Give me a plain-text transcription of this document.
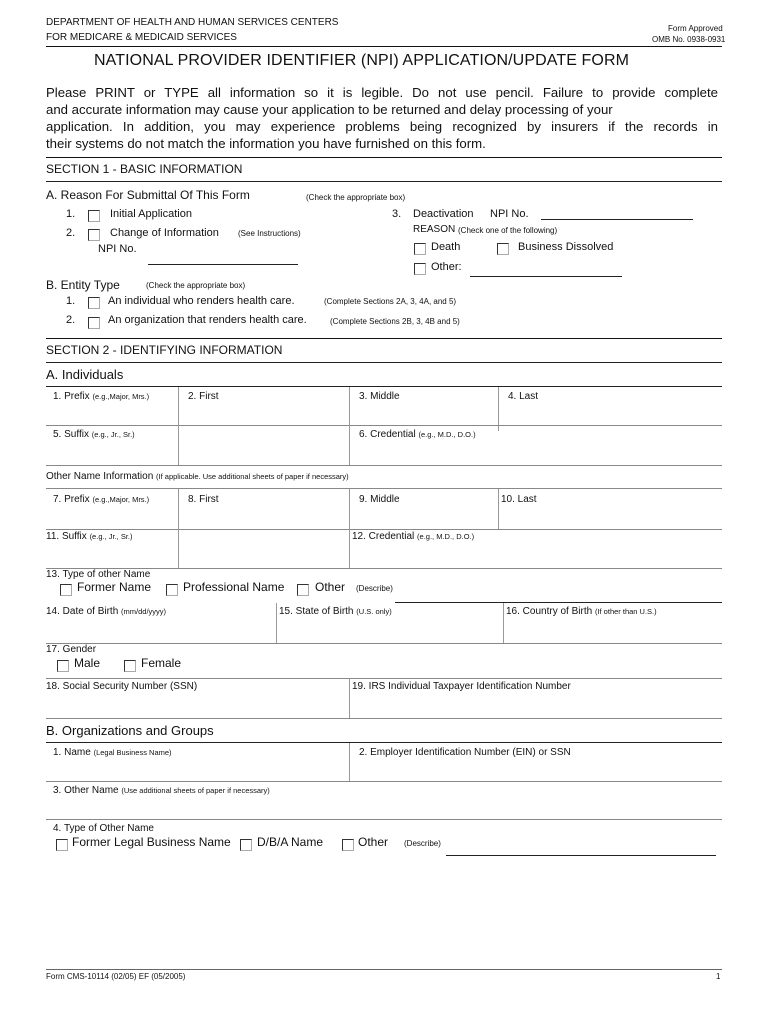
DEPARTMENT OF HEALTH AND HUMAN SERVICES CENTERS
FOR MEDICARE & MEDICAID SERVICES
Form Approved
OMB No. 0938-0931
NATIONAL PROVIDER IDENTIFIER (NPI) APPLICATION/UPDATE FORM
Please PRINT or TYPE all information so it is legible. Do not use pencil. Failure to provide complete
and accurate information may cause your application to be returned and delay processing of your
application. In addition, you may experience problems being recognized by insurers if the records in
their systems do not match the information you have furnished on this form.
SECTION 1 - BASIC INFORMATION
A. Reason For Submittal Of This Form	(Check the appropriate box)
1.	Initial Application
2.	Change of Information (See Instructions)
NPI No.
3. Deactivation NPI No.
REASON (Check one of the following)
Death	Business Dissolved
Other:
B. Entity Type	(Check the appropriate box)
1.	An individual who renders health care.	(Complete Sections 2A, 3, 4A, and 5)
2.	An organization that renders health care.	(Complete Sections 2B, 3, 4B and 5)
SECTION 2 - IDENTIFYING INFORMATION
A. Individuals
1. Prefix (e.g.,Major, Mrs.)	2. First	3. Middle	4. Last
5. Suffix (e.g., Jr., Sr.)	6. Credential (e.g., M.D., D.O.)
Other Name Information (If applicable. Use additional sheets of paper if necessary)
7. Prefix (e.g.,Major, Mrs.)	8. First	9. Middle	10. Last
11. Suffix (e.g., Jr., Sr.)	12. Credential (e.g., M.D., D.O.)
13. Type of other Name
Former Name	Professional Name	Other (Describe)
14. Date of Birth (mm/dd/yyyy)	15. State of Birth (U.S. only)	16. Country of Birth (If other than U.S.)
17. Gender
Male	Female
18. Social Security Number (SSN)	19. IRS Individual Taxpayer Identification Number
B. Organizations and Groups
1. Name (Legal Business Name)	2. Employer Identification Number (EIN) or SSN
3. Other Name (Use additional sheets of paper if necessary)
4. Type of Other Name
Former Legal Business Name D/B/A Name	Other (Describe)
Form CMS-10114 (02/05) EF (05/2005)	1
